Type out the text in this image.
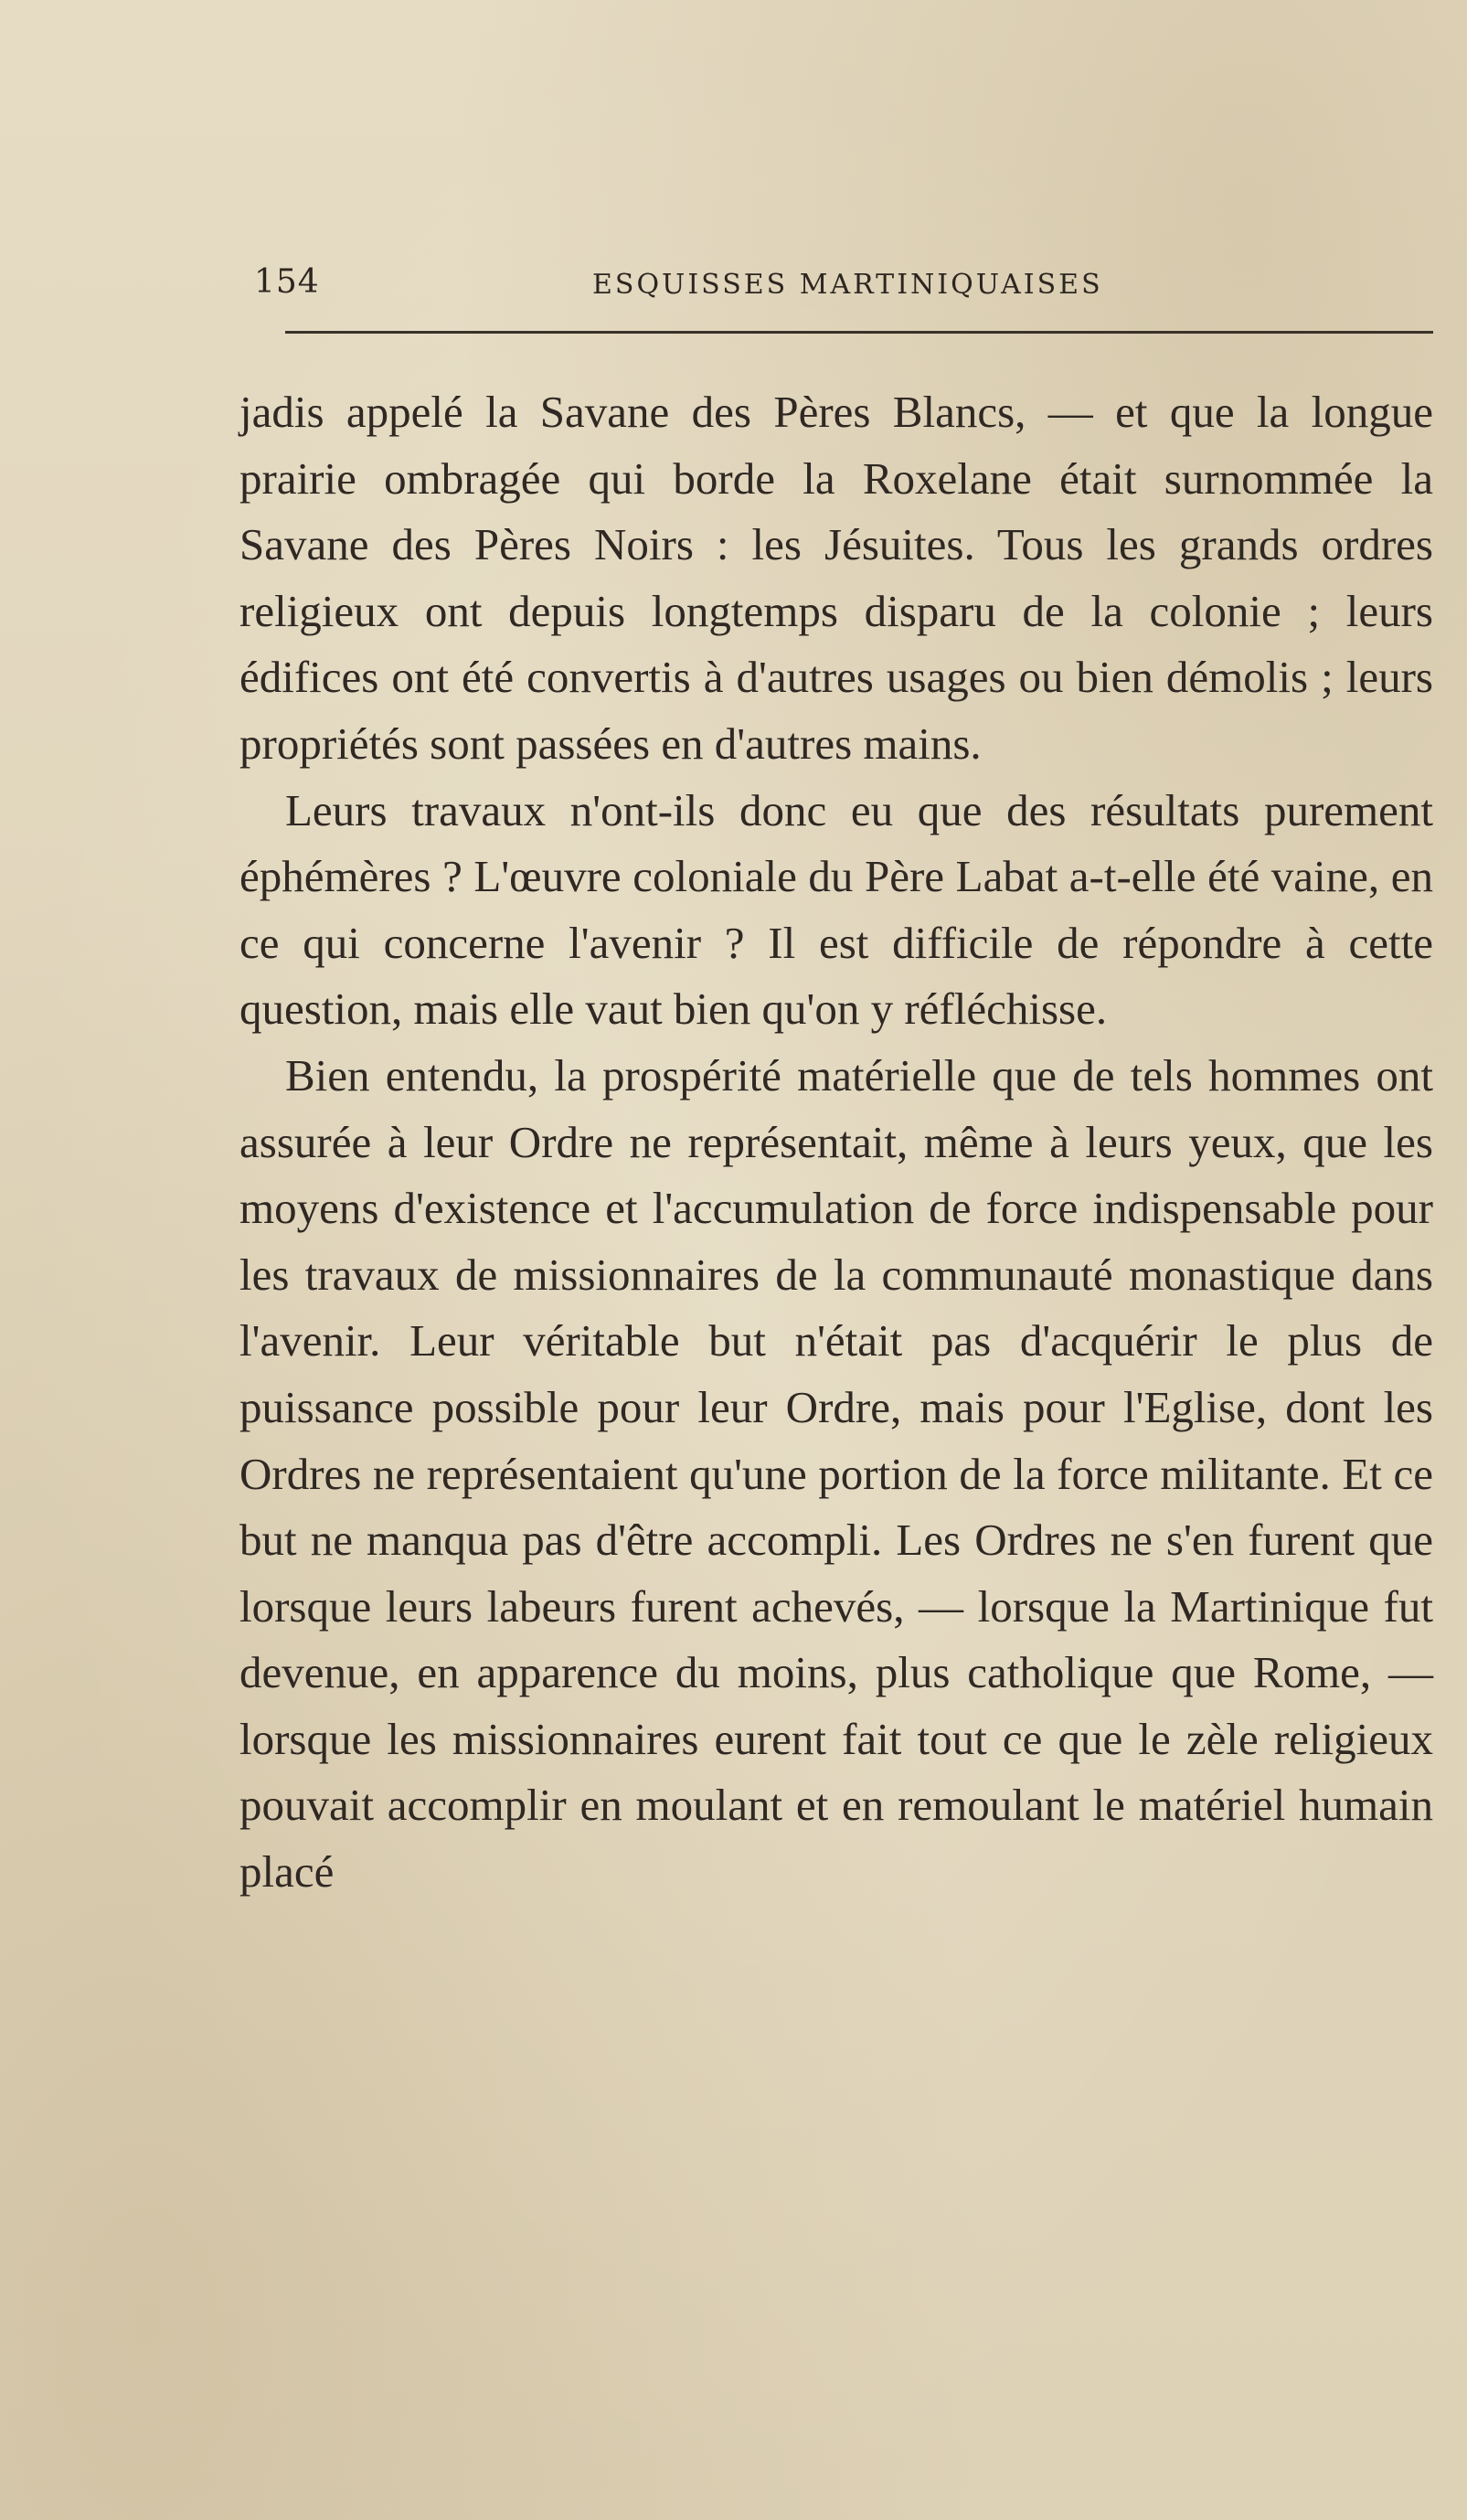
154	ESQUISSES MARTINIQUAISES

jadis appelé la Savane des Pères Blancs, — et que la longue prairie ombragée qui borde la Roxelane était surnommée la Savane des Pères Noirs : les Jésuites. Tous les grands ordres religieux ont depuis longtemps disparu de la colonie ; leurs édifices ont été convertis à d'autres usages ou bien démolis ; leurs propriétés sont passées en d'autres mains.

Leurs travaux n'ont-ils donc eu que des résultats purement éphémères ? L'œuvre coloniale du Père Labat a-t-elle été vaine, en ce qui concerne l'avenir ? Il est difficile de répondre à cette question, mais elle vaut bien qu'on y réfléchisse.

Bien entendu, la prospérité matérielle que de tels hommes ont assurée à leur Ordre ne représentait, même à leurs yeux, que les moyens d'existence et l'accumulation de force indispensable pour les travaux de missionnaires de la communauté monastique dans l'avenir. Leur véritable but n'était pas d'acquérir le plus de puissance possible pour leur Ordre, mais pour l'Eglise, dont les Ordres ne représentaient qu'une portion de la force militante. Et ce but ne manqua pas d'être accompli. Les Ordres ne s'en furent que lorsque leurs labeurs furent achevés, — lorsque la Martinique fut devenue, en apparence du moins, plus catholique que Rome, — lorsque les missionnaires eurent fait tout ce que le zèle religieux pouvait accomplir en moulant et en remoulant le matériel humain placé
